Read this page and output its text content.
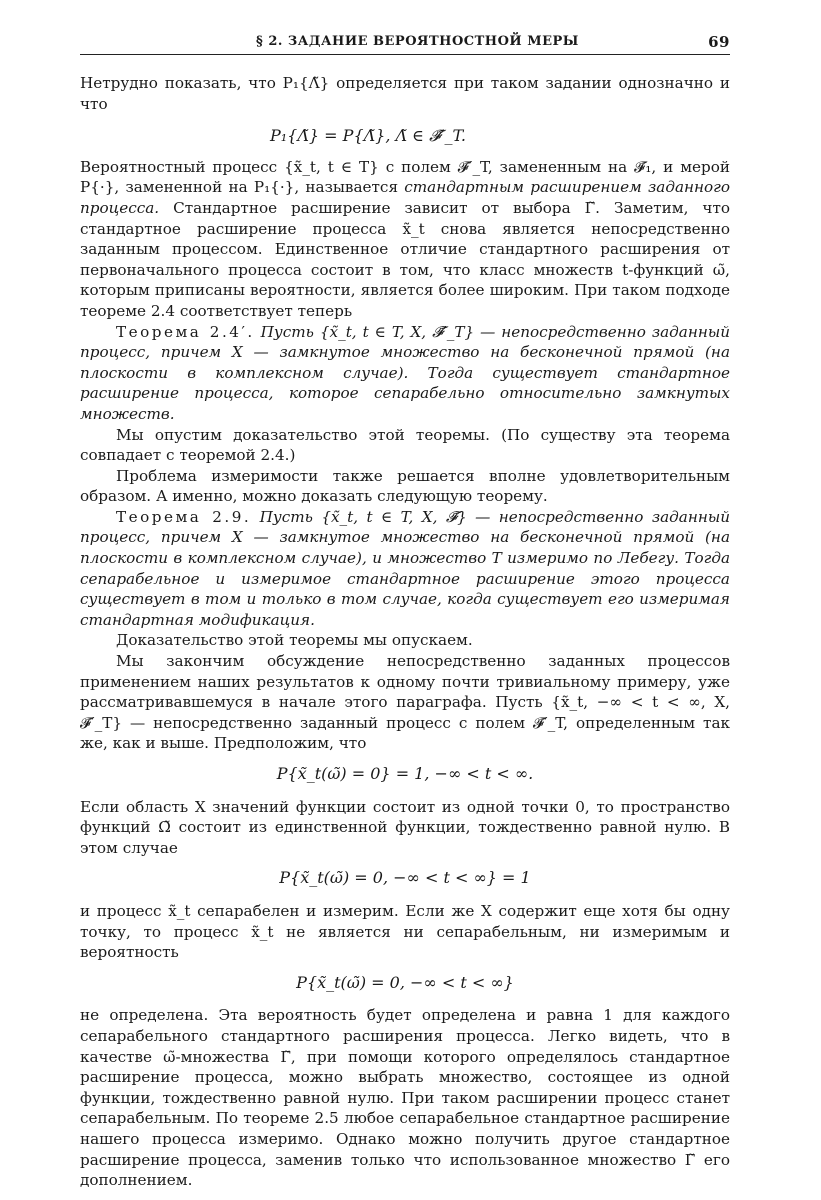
§ 2. ЗАДАНИЕ ВЕРОЯТНОСТНОЙ МЕРЫ	69

Нетрудно показать, что P₁{Λ̃} определяется при таком задании однозначно и что

P₁{Λ̃} = P{Λ̃}, Λ̃ ∈ 𝓕̃′_T.

Вероятностный процесс {x̃_t, t ∈ T} с полем 𝓕̃′_T, замененным на 𝓕̃₁, и мерой P{·}, замененной на P₁{·}, называется стандартным расширением заданного процесса. Стандартное расширение зависит от выбора Γ̃. Заметим, что стандартное расширение процесса x̃_t снова является непосредственно заданным процессом. Единственное отличие стандартного расширения от первоначального процесса состоит в том, что класс множеств t-функций ω̃, которым приписаны вероятности, является более широким. При таком подходе теореме 2.4 соответствует теперь

Теорема 2.4′. Пусть {x̃_t, t ∈ T, X, 𝓕̃′_T} — непосредственно заданный процесс, причем X — замкнутое множество на бесконечной прямой (на плоскости в комплексном случае). Тогда существует стандартное расширение процесса, которое сепарабельно относительно замкнутых множеств.

Мы опустим доказательство этой теоремы. (По существу эта теорема совпадает с теоремой 2.4.)

Проблема измеримости также решается вполне удовлетворительным образом. А именно, можно доказать следующую теорему.

Теорема 2.9. Пусть {x̃_t, t ∈ T, X, 𝓕̃} — непосредственно заданный процесс, причем X — замкнутое множество на бесконечной прямой (на плоскости в комплексном случае), и множество T измеримо по Лебегу. Тогда сепарабельное и измеримое стандартное расширение этого процесса существует в том и только в том случае, когда существует его измеримая стандартная модификация.

Доказательство этой теоремы мы опускаем.

Мы закончим обсуждение непосредственно заданных процессов применением наших результатов к одному почти тривиальному примеру, уже рассматривавшемуся в начале этого параграфа. Пусть {x̃_t, −∞ < t < ∞, X, 𝓕̃′_T} — непосредственно заданный процесс с полем 𝓕̃′_T, определенным так же, как и выше. Предположим, что

P{x̃_t(ω̃) = 0} = 1, −∞ < t < ∞.

Если область X значений функции состоит из одной точки 0, то пространство функций Ω̃ состоит из единственной функции, тождественно равной нулю. В этом случае

P{x̃_t(ω̃) = 0, −∞ < t < ∞} = 1

и процесс x̃_t сепарабелен и измерим. Если же X содержит еще хотя бы одну точку, то процесс x̃_t не является ни сепарабельным, ни измеримым и вероятность

P{x̃_t(ω̃) = 0, −∞ < t < ∞}

не определена. Эта вероятность будет определена и равна 1 для каждого сепарабельного стандартного расширения процесса. Легко видеть, что в качестве ω̃-множества Γ̃, при помощи которого определялось стандартное расширение процесса, можно выбрать множество, состоящее из одной функции, тождественно равной нулю. При таком расширении процесс станет сепарабельным. По теореме 2.5 любое сепарабельное стандартное расширение нашего процесса измеримо. Однако можно получить другое стандартное расширение процесса, заменив только что использованное множество Γ̃ его дополнением.
